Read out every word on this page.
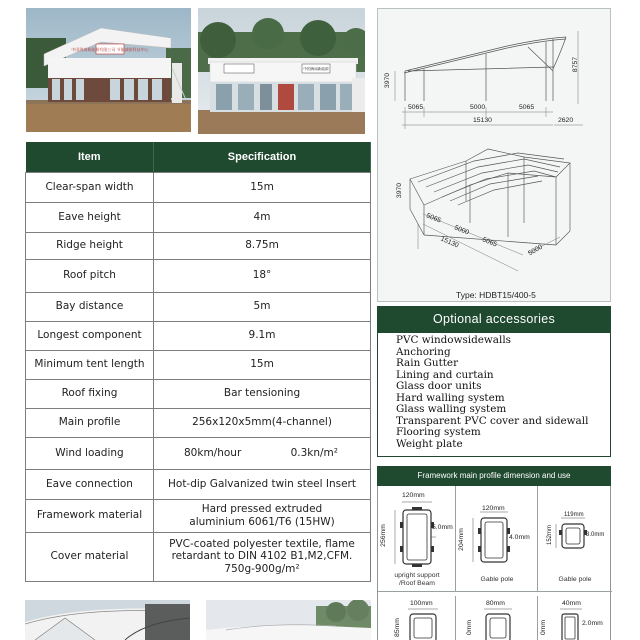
中国海南新能源有限公司 节能减排科技中心
中国海南新能源
3970
8757
5065	5000	5065
15130	2620
3970
5065
5000
5065
15130
5000
Type: HDBT15/400-5
Item	Specification
Clear-span width	15m
Eave height	4m
Ridge height	8.75m
Roof pitch	18°
Bay distance	5m
Longest component	9.1m
Minimum tent length	15m
Roof fixing	Bar tensioning
Main profile	256x120x5mm(4-channel)
Wind loading	80km/hour 0.3kn/m²

Eave connection	Hot-dip Galvanized twin steel Insert
Framework material	Hard pressed extruded
aluminium 6061/T6 (15HW)

Cover material	PVC-coated polyester textile, flame
retardant to DIN 4102 B1,M2,CFM.
750g-900g/m²
Optional accessories
PVC windowsidewalls
Anchoring
Rain Gutter
Lining and curtain
Glass door units
Hard walling system
Glass walling system
Transparent PVC cover and sidewall
Flooring system
Weight plate
Framework main profile dimension and use
120mm
256mm	5.0mm
upright support
/Roof Beam
120mm
204mm	4.0mm
Gable pole
119mm
152mm	3.0mm
Gable pole
100mm
85mm
80mm
0mm
40mm
0mm	2.0mm
